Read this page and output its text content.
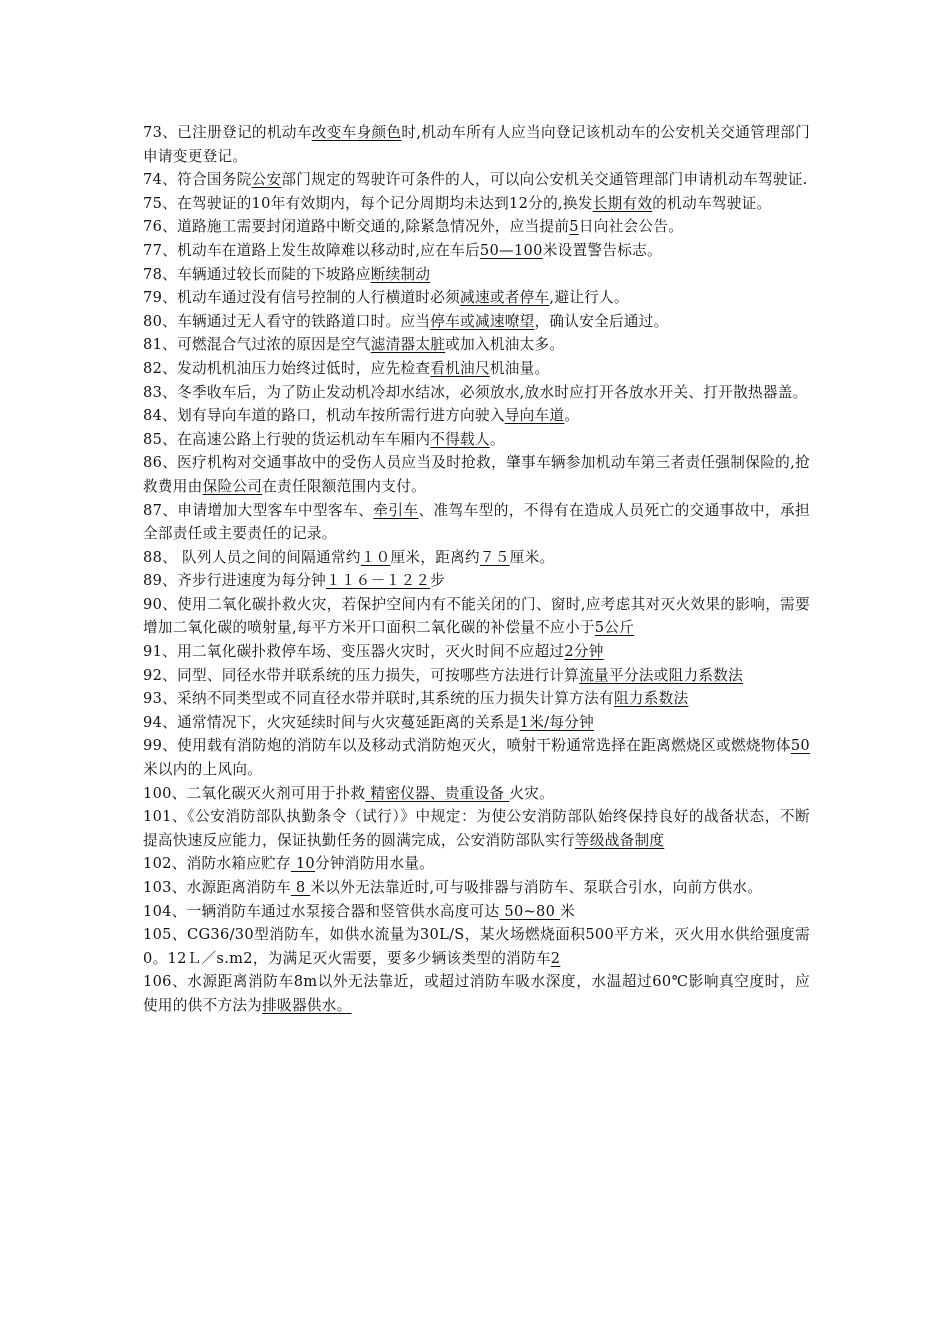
73、已注册登记的机动车改变车身颜色时,机动车所有人应当向登记该机动车的公安机关交通管理部门申请变更登记。

74、符合国务院公安部门规定的驾驶许可条件的人，可以向公安机关交通管理部门申请机动车驾驶证.

75、在驾驶证的10年有效期内，每个记分周期均未达到12分的,换发长期有效的机动车驾驶证。

76、道路施工需要封闭道路中断交通的,除紧急情况外，应当提前5日向社会公告。

77、机动车在道路上发生故障难以移动时,应在车后50—100米设置警告标志。

78、车辆通过较长而陡的下坡路应断续制动

79、机动车通过没有信号控制的人行横道时必须减速或者停车,避让行人。

80、车辆通过无人看守的铁路道口时。应当停车或减速嘹望，确认安全后通过。

81、可燃混合气过浓的原因是空气滤清器太脏或加入机油太多。

82、发动机机油压力始终过低时，应先检查看机油尺机油量。

83、冬季收车后，为了防止发动机冷却水结冰，必须放水,放水时应打开各放水开关、打开散热器盖。

84、划有导向车道的路口，机动车按所需行进方向驶入导向车道。

85、在高速公路上行驶的货运机动车车厢内不得载人。

86、医疗机构对交通事故中的受伤人员应当及时抢救，肇事车辆参加机动车第三者责任强制保险的,抢救费用由保险公司在责任限额范围内支付。

87、申请增加大型客车中型客车、牵引车、准驾车型的，不得有在造成人员死亡的交通事故中，承担全部责任或主要责任的记录。

88、 队列人员之间的间隔通常约１０厘米，距离约７５厘米。

89、齐步行进速度为每分钟１１６－１２２步

90、使用二氧化碳扑救火灾，若保护空间内有不能关闭的门、窗时,应考虑其对灭火效果的影响，需要增加二氧化碳的喷射量,每平方米开口面积二氧化碳的补偿量不应小于5公斤

91、用二氧化碳扑救停车场、变压器火灾时，灭火时间不应超过2分钟

92、同型、同径水带并联系统的压力损失，可按哪些方法进行计算流量平分法或阻力系数法

93、采纳不同类型或不同直径水带并联时,其系统的压力损失计算方法有阻力系数法

94、通常情况下，火灾延续时间与火灾蔓延距离的关系是1米/每分钟

99、使用载有消防炮的消防车以及移动式消防炮灭火，喷射干粉通常选择在距离燃烧区或燃烧物体50 米以内的上风向。

100、二氧化碳灭火剂可用于扑救 精密仪器、贵重设备 火灾。

101、《公安消防部队执勤条令（试行）》中规定：为使公安消防部队始终保持良好的战备状态，不断提高快速反应能力，保证执勤任务的圆满完成，公安消防部队实行等级战备制度

102、消防水箱应贮存 10分钟消防用水量。

103、水源距离消防车 8 米以外无法靠近时,可与吸排器与消防车、泵联合引水，向前方供水。

104、一辆消防车通过水泵接合器和竖管供水高度可达 50~80 米

105、CG36/30型消防车，如供水流量为30L/S，某火场燃烧面积500平方米，灭火用水供给强度需0。12Ｌ／s.m2，为满足灭火需要，要多少辆该类型的消防车2

106、水源距离消防车8m以外无法靠近，或超过消防车吸水深度，水温超过60℃影响真空度时，应使用的供不方法为排吸器供水。
